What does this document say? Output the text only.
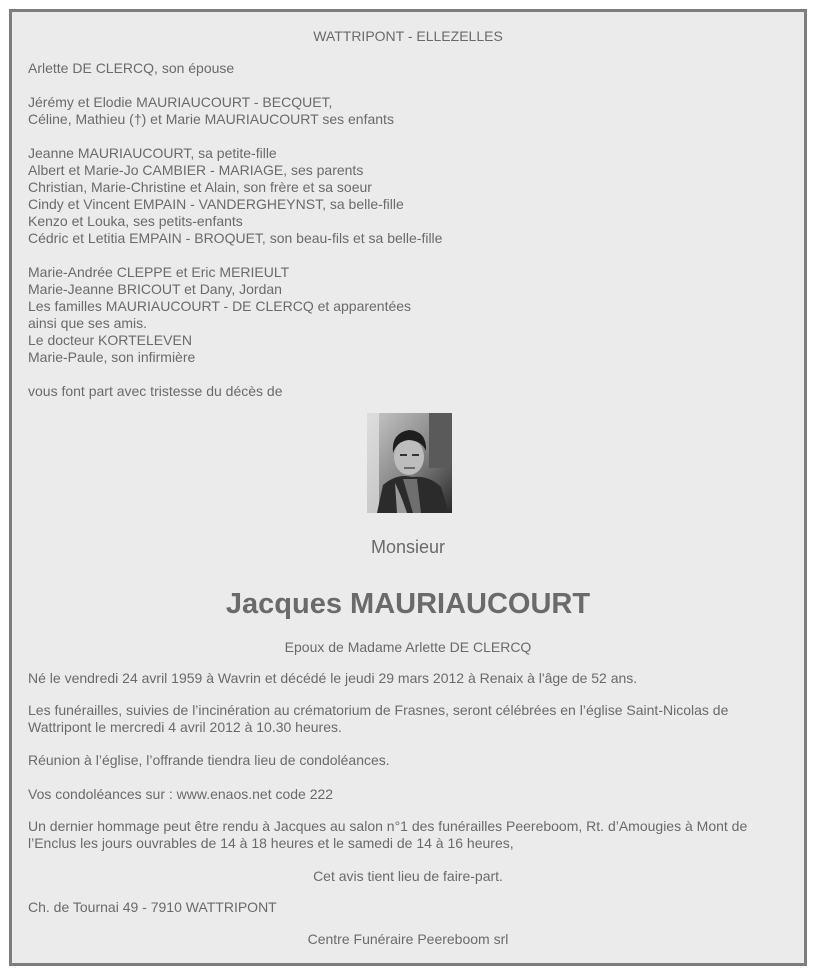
WATTRIPONT - ELLEZELLES
Arlette DE CLERCQ, son épouse
Jérémy et Elodie MAURIAUCOURT - BECQUET,
Céline, Mathieu (†) et Marie MAURIAUCOURT ses enfants
Jeanne MAURIAUCOURT, sa petite-fille
Albert et Marie-Jo CAMBIER - MARIAGE, ses parents
Christian, Marie-Christine et Alain, son frère et sa soeur
Cindy et Vincent EMPAIN - VANDERGHEYNST, sa belle-fille
Kenzo et Louka, ses petits-enfants
Cédric et Letitia EMPAIN - BROQUET, son beau-fils et sa belle-fille
Marie-Andrée CLEPPE et Eric MERIEULT
Marie-Jeanne BRICOUT et Dany, Jordan
Les familles MAURIAUCOURT - DE CLERCQ et apparentées
ainsi que ses amis.
Le docteur KORTELEVEN
Marie-Paule, son infirmière
vous font part avec tristesse du décès de
Monsieur
Jacques MAURIAUCOURT
Epoux de Madame Arlette DE CLERCQ
Né le vendredi 24 avril 1959 à Wavrin et décédé le jeudi 29 mars 2012 à Renaix à l'âge de 52 ans.
Les funérailles, suivies de l’incinération au crématorium de Frasnes, seront célébrées en l’église Saint-Nicolas de Wattripont le mercredi 4 avril 2012 à 10.30 heures.
Réunion à l’église, l’offrande tiendra lieu de condoléances.
Vos condoléances sur : www.enaos.net code 222
Un dernier hommage peut être rendu à Jacques au salon n°1 des funérailles Peereboom, Rt. d’Amougies à Mont de l’Enclus les jours ouvrables de 14 à 18 heures et le samedi de 14 à 16 heures,
Cet avis tient lieu de faire-part.
Ch. de Tournai 49 - 7910 WATTRIPONT
Centre Funéraire Peereboom srl
